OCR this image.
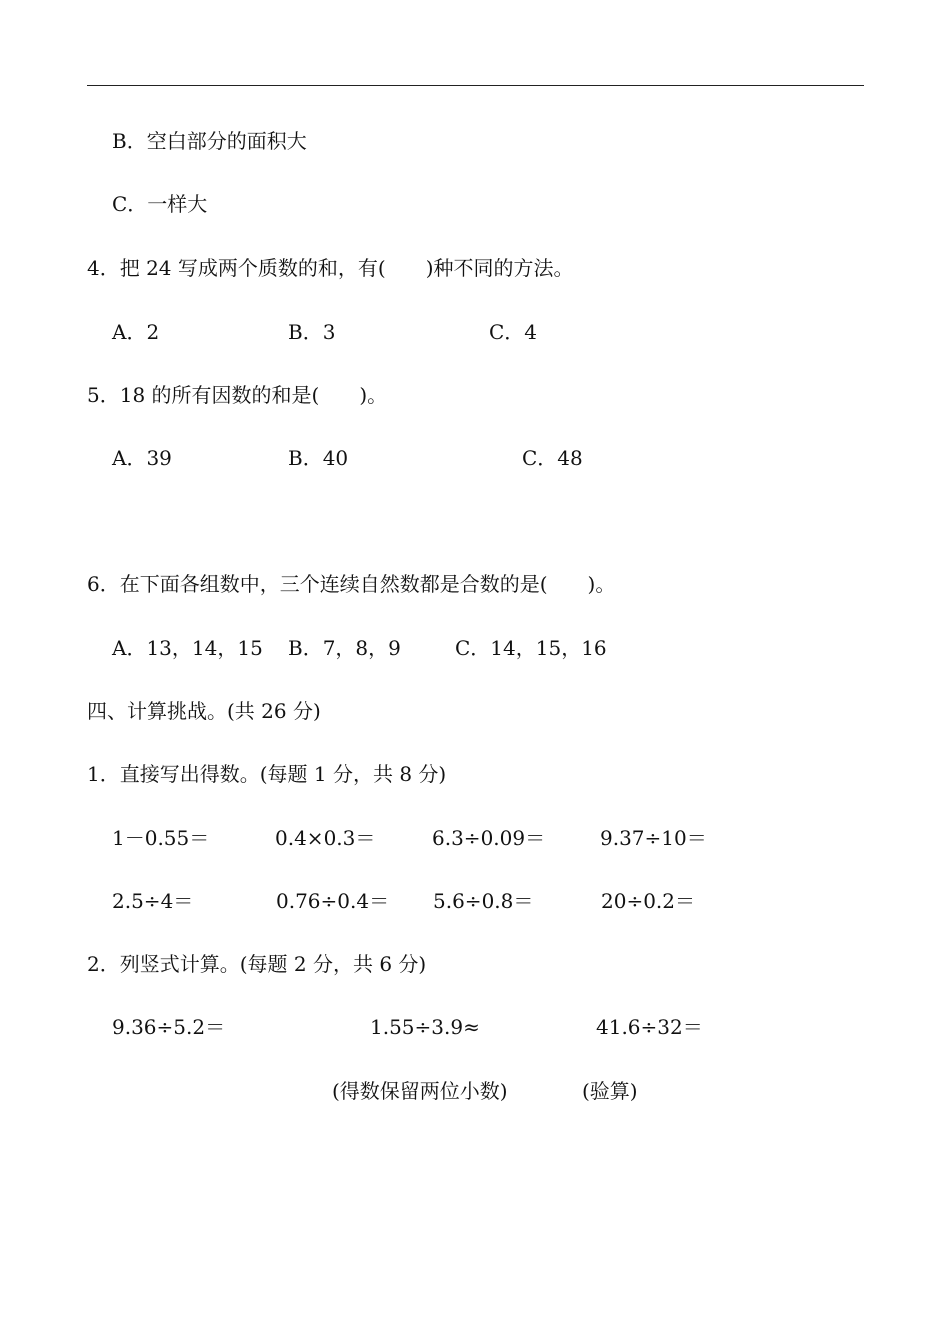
B．空白部分的面积大
C．一样大
4．把 24 写成两个质数的和，有(　　)种不同的方法。
A．2	B．3	C．4
5．18 的所有因数的和是(　　)。
A．39	B．40	C．48
6．在下面各组数中，三个连续自然数都是合数的是(　　)。
A．13，14，15 B．7，8，9	C．14，15，16
四、计算挑战。(共 26 分)
1．直接写出得数。(每题 1 分，共 8 分)
1－0.55＝	0.4×0.3＝	6.3÷0.09＝	9.37÷10＝
2.5÷4＝	0.76÷0.4＝ 5.6÷0.8＝	20÷0.2＝
2．列竖式计算。(每题 2 分，共 6 分)
9.36÷5.2＝	1.55÷3.9≈	41.6÷32＝
(得数保留两位小数)	(验算)
